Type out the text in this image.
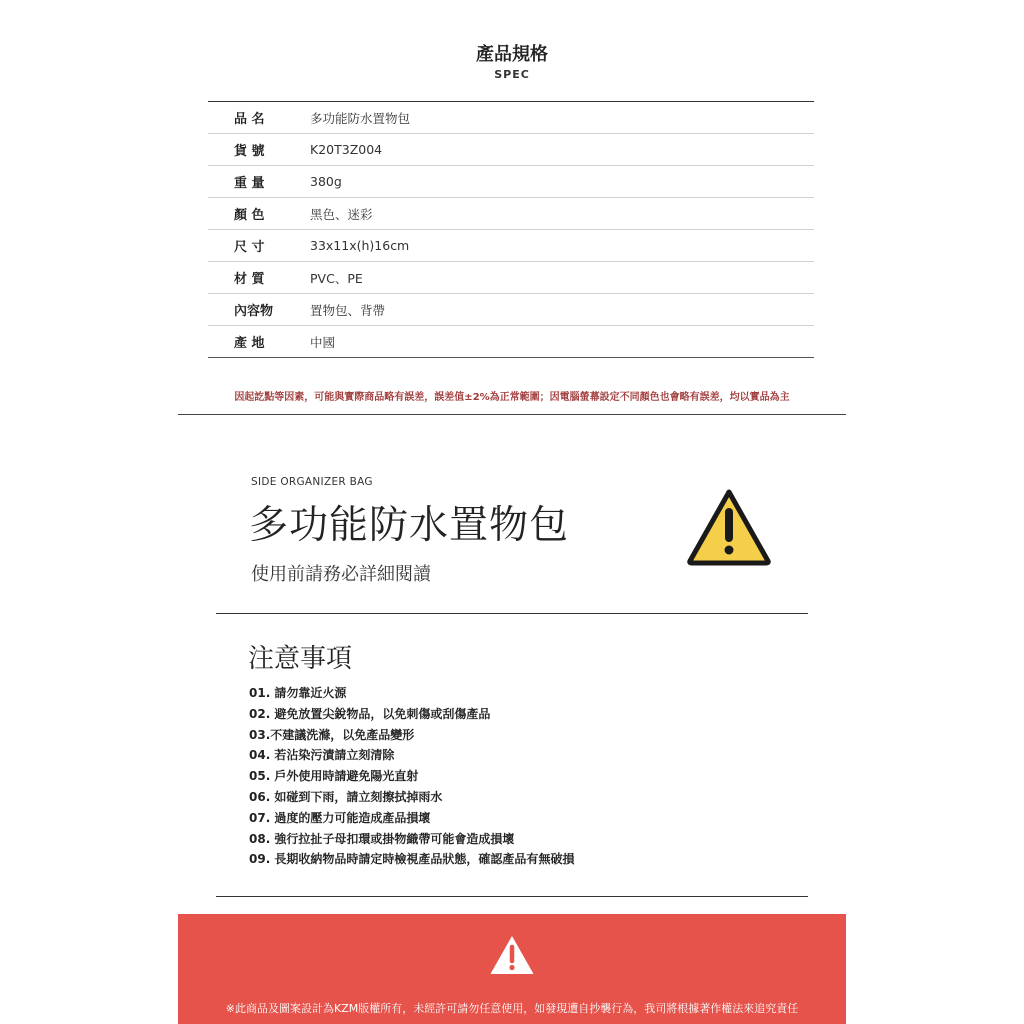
產品規格
SPEC
品 名	多功能防水置物包
貨 號	K20T3Z004
重 量	380g
顏 色	黑色、迷彩
尺 寸	33x11x(h)16cm
材 質	PVC、PE
內容物	置物包、背帶
產 地	中國
因起訖點等因素，可能與實際商品略有誤差，誤差值±2%為正常範圍；因電腦螢幕設定不同顏色也會略有誤差，均以實品為主
SIDE ORGANIZER BAG
多功能防水置物包
使用前請務必詳細閱讀
注意事項
01. 請勿靠近火源
02. 避免放置尖銳物品，以免刺傷或刮傷產品
03.不建議洗滌，以免產品變形
04. 若沾染污漬請立刻清除
05. 戶外使用時請避免陽光直射
06. 如碰到下雨，請立刻擦拭掉雨水
07. 過度的壓力可能造成產品損壞
08. 強行拉扯子母扣環或掛物織帶可能會造成損壞
09. 長期收納物品時請定時檢視產品狀態，確認產品有無破損
※此商品及圖案設計為KZM版權所有，未經許可請勿任意使用，如發現遭自抄襲行為，我司將根據著作權法來追究責任
